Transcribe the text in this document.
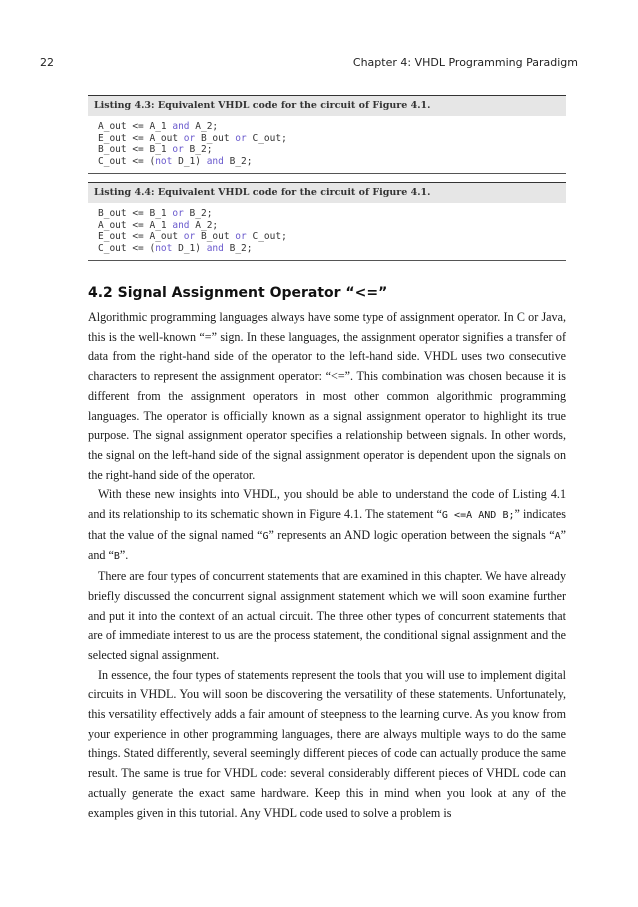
22	Chapter 4: VHDL Programming Paradigm
Listing 4.3: Equivalent VHDL code for the circuit of Figure 4.1.
A_out <= A_1 and A_2;
E_out <= A_out or B_out or C_out;
B_out <= B_1 or B_2;
C_out <= (not D_1) and B_2;
Listing 4.4: Equivalent VHDL code for the circuit of Figure 4.1.
B_out <= B_1 or B_2;
A_out <= A_1 and A_2;
E_out <= A_out or B_out or C_out;
C_out <= (not D_1) and B_2;
4.2 Signal Assignment Operator “<=”

Algorithmic programming languages always have some type of assignment operator. In C or Java, this is the well-known “=” sign. In these languages, the assignment operator signifies a transfer of data from the right-hand side of the operator to the left-hand side. VHDL uses two consecutive characters to represent the assignment operator: “<=”. This combination was chosen because it is different from the assignment operators in most other common algorithmic programming languages. The operator is officially known as a signal assignment operator to highlight its true purpose. The signal assignment operator specifies a relationship between signals. In other words, the signal on the left-hand side of the signal assignment operator is dependent upon the signals on the right-hand side of the operator.

With these new insights into VHDL, you should be able to understand the code of Listing 4.1 and its relationship to its schematic shown in Figure 4.1. The statement “G <=A AND B;” indicates that the value of the signal named “G” represents an AND logic operation between the signals “A” and “B”.

There are four types of concurrent statements that are examined in this chapter. We have already briefly discussed the concurrent signal assignment statement which we will soon examine further and put it into the context of an actual circuit. The three other types of concurrent statements that are of immediate interest to us are the process statement, the conditional signal assignment and the selected signal assignment.

In essence, the four types of statements represent the tools that you will use to implement digital circuits in VHDL. You will soon be discovering the versatility of these statements. Unfortunately, this versatility effectively adds a fair amount of steepness to the learning curve. As you know from your experience in other programming languages, there are always multiple ways to do the same things. Stated differently, several seemingly different pieces of code can actually produce the same result. The same is true for VHDL code: several considerably different pieces of VHDL code can actually generate the exact same hardware. Keep this in mind when you look at any of the examples given in this tutorial. Any VHDL code used to solve a problem is
